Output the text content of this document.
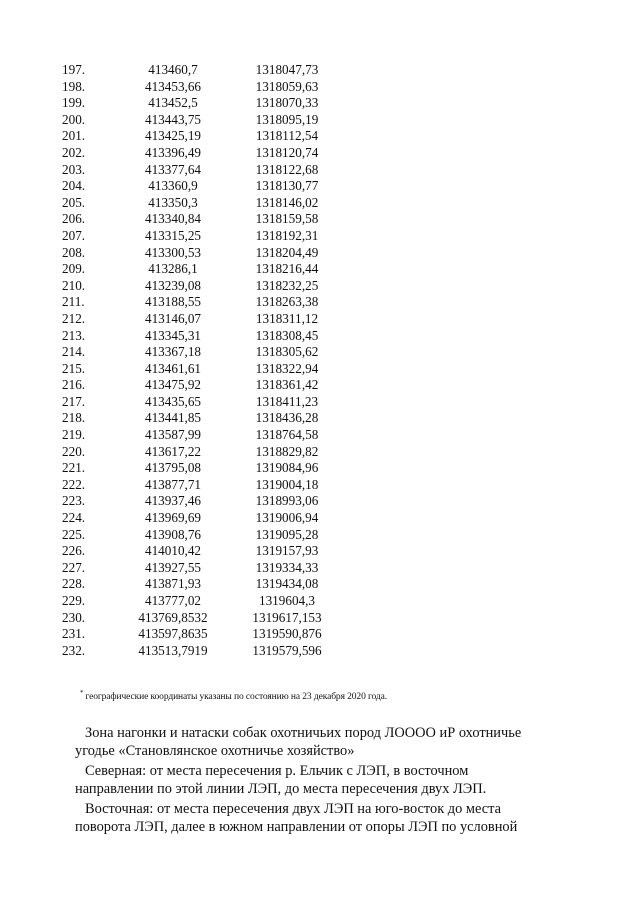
197.	413460,7	1318047,73
198.	413453,66	1318059,63
199.	413452,5	1318070,33
200.	413443,75	1318095,19
201.	413425,19	1318112,54
202.	413396,49	1318120,74
203.	413377,64	1318122,68
204.	413360,9	1318130,77
205.	413350,3	1318146,02
206.	413340,84	1318159,58
207.	413315,25	1318192,31
208.	413300,53	1318204,49
209.	413286,1	1318216,44
210.	413239,08	1318232,25
211.	413188,55	1318263,38
212.	413146,07	1318311,12
213.	413345,31	1318308,45
214.	413367,18	1318305,62
215.	413461,61	1318322,94
216.	413475,92	1318361,42
217.	413435,65	1318411,23
218.	413441,85	1318436,28
219.	413587,99	1318764,58
220.	413617,22	1318829,82
221.	413795,08	1319084,96
222.	413877,71	1319004,18
223.	413937,46	1318993,06
224.	413969,69	1319006,94
225.	413908,76	1319095,28
226.	414010,42	1319157,93
227.	413927,55	1319334,33
228.	413871,93	1319434,08
229.	413777,02	1319604,3
230.	413769,8532	1319617,153
231.	413597,8635	1319590,876
232.	413513,7919	1319579,596
* географические координаты указаны по состоянию на 23 декабря 2020 года.
Зона нагонки и натаски собак охотничьих пород ЛОООО иР охотничье
угодье «Становлянское охотничье хозяйство»
Северная: от места пересечения р. Ельчик с ЛЭП, в восточном
направлении по этой линии ЛЭП, до места пересечения двух ЛЭП.
Восточная: от места пересечения двух ЛЭП на юго-восток до места
поворота ЛЭП, далее в южном направлении от опоры ЛЭП по условной
